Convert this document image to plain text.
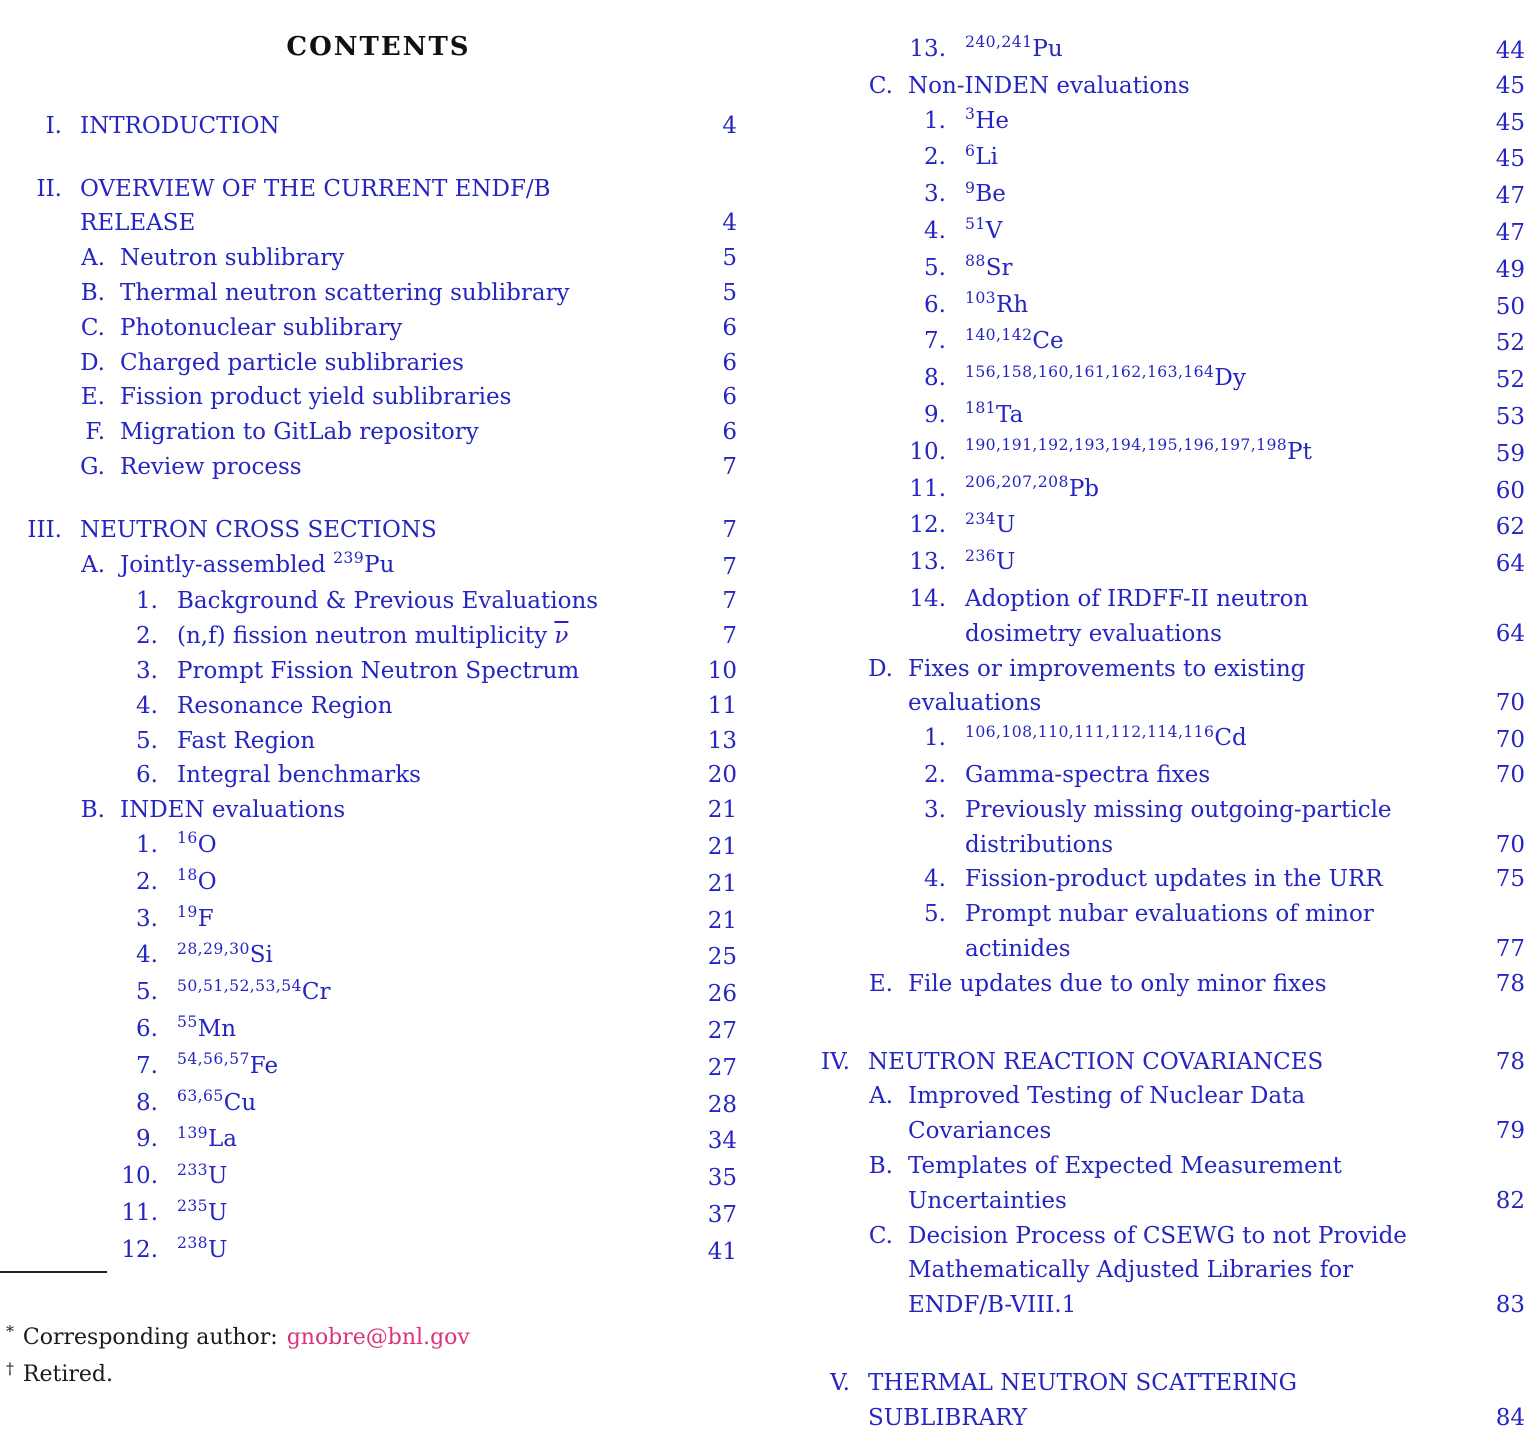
CONTENTS
I. INTRODUCTION	4
II. OVERVIEW OF THE CURRENT ENDF/B
RELEASE	4
A. Neutron sublibrary	5
B. Thermal neutron scattering sublibrary	5
C. Photonuclear sublibrary	6
D. Charged particle sublibraries	6
E. Fission product yield sublibraries	6
F. Migration to GitLab repository	6
G. Review process	7
III. NEUTRON CROSS SECTIONS	7
A. Jointly-assembled $^{239}$Pu	7
1. Background & Previous Evaluations	7
2. (n,f) fission neutron multiplicity $\overline{\nu}$	7
3. Prompt Fission Neutron Spectrum	10
4. Resonance Region	11
5. Fast Region	13
6. Integral benchmarks	20
B. INDEN evaluations	21
1. $^{16}$O	21
2. $^{18}$O	21
3. $^{19}$F	21
4. $^{28,29,30}$Si	25
5. $^{50,51,52,53,54}$Cr	26
6. $^{55}$Mn	27
7. $^{54,56,57}$Fe	27
8. $^{63,65}$Cu	28
9. $^{139}$La	34
10. $^{233}$U	35
11. $^{235}$U	37
12. $^{238}$U	41
13. $^{240,241}$Pu	44
C. Non-INDEN evaluations	45
1. $^3$He	45
2. $^6$Li	45
3. $^9$Be	47
4. $^{51}$V	47
5. $^{88}$Sr	49
6. $^{103}$Rh	50
7. $^{140,142}$Ce	52
8. $^{156,158,160,161,162,163,164}$Dy	52
9. $^{181}$Ta	53
10. $^{190,191,192,193,194,195,196,197,198}$Pt	59
11. $^{206,207,208}$Pb	60
12. $^{234}$U	62
13. $^{236}$U	64
14. Adoption of IRDFF-II neutron
dosimetry evaluations	64
D. Fixes or improvements to existing
evaluations	70
1. $^{106,108,110,111,112,114,116}$Cd	70
2. Gamma-spectra fixes	70
3. Previously missing outgoing-particle
distributions	70
4. Fission-product updates in the URR	75
5. Prompt nubar evaluations of minor
actinides	77
E. File updates due to only minor fixes	78
IV. NEUTRON REACTION COVARIANCES	78
A. Improved Testing of Nuclear Data
Covariances	79
B. Templates of Expected Measurement
Uncertainties	82
C. Decision Process of CSEWG to not Provide
Mathematically Adjusted Libraries for
ENDF/B-VIII.1	83
V. THERMAL NEUTRON SCATTERING
SUBLIBRARY	84
* Corresponding author: gnobre@bnl.gov
† Retired.
